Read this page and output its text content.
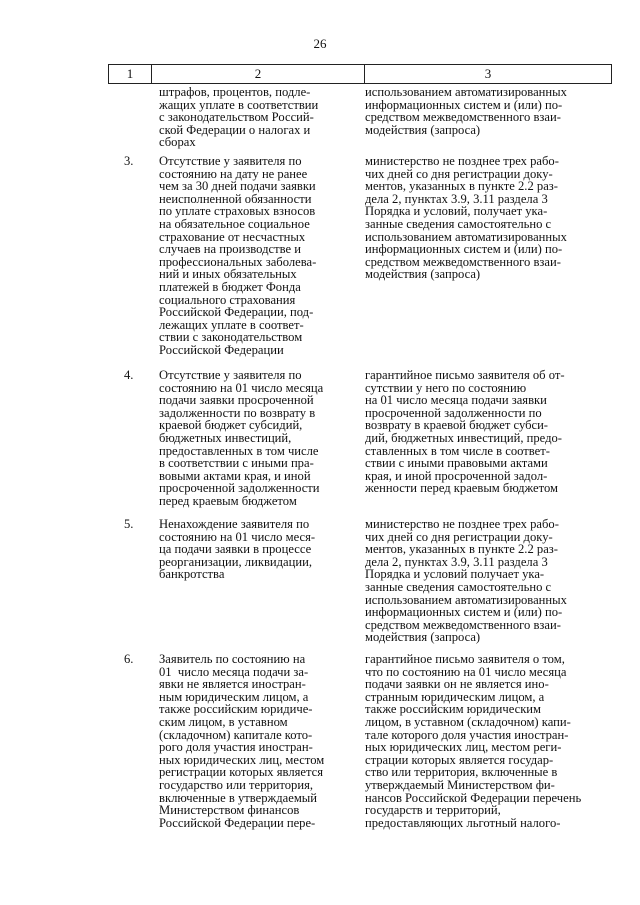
26
1	2	3
штрафов, процентов, подле-
жащих уплате в соответствии
с законодательством Россий-
ской Федерации о налогах и
сборах
использованием автоматизированных
информационных систем и (или) по-
средством межведомственного взаи-
модействия (запроса)
3. Отсутствие у заявителя по
состоянию на дату не ранее
чем за 30 дней подачи заявки
неисполненной обязанности
по уплате страховых взносов
на обязательное социальное
страхование от несчастных
случаев на производстве и
профессиональных заболева-
ний и иных обязательных
платежей в бюджет Фонда
социального страхования
Российской Федерации, под-
лежащих уплате в соответ-
ствии с законодательством
Российской Федерации
министерство не позднее трех рабо-
чих дней со дня регистрации доку-
ментов, указанных в пункте 2.2 раз-
дела 2, пунктах 3.9, 3.11 раздела 3
Порядка и условий, получает ука-
занные сведения самостоятельно с
использованием автоматизированных
информационных систем и (или) по-
средством межведомственного взаи-
модействия (запроса)
4. Отсутствие у заявителя по
состоянию на 01 число месяца
подачи заявки просроченной
задолженности по возврату в
краевой бюджет субсидий,
бюджетных инвестиций,
предоставленных в том числе
в соответствии с иными пра-
вовыми актами края, и иной
просроченной задолженности
перед краевым бюджетом
гарантийное письмо заявителя об от-
сутствии у него по состоянию
на 01 число месяца подачи заявки
просроченной задолженности по
возврату в краевой бюджет субси-
дий, бюджетных инвестиций, предо-
ставленных в том числе в соответ-
ствии с иными правовыми актами
края, и иной просроченной задол-
женности перед краевым бюджетом
5. Ненахождение заявителя по
состоянию на 01 число меся-
ца подачи заявки в процессе
реорганизации, ликвидации,
банкротства
министерство не позднее трех рабо-
чих дней со дня регистрации доку-
ментов, указанных в пункте 2.2 раз-
дела 2, пунктах 3.9, 3.11 раздела 3
Порядка и условий получает ука-
занные сведения самостоятельно с
использованием автоматизированных
информационных систем и (или) по-
средством межведомственного взаи-
модействия (запроса)
6. Заявитель по состоянию на
01  число месяца подачи за-
явки не является иностран-
ным юридическим лицом, а
также российским юридиче-
ским лицом, в уставном
(складочном) капитале кото-
рого доля участия иностран-
ных юридических лиц, местом
регистрации которых является
государство или территория,
включенные в утверждаемый
Министерством финансов
Российской Федерации пере-
гарантийное письмо заявителя о том,
что по состоянию на 01 число месяца
подачи заявки он не является ино-
странным юридическим лицом, а
также российским юридическим
лицом, в уставном (складочном) капи-
тале которого доля участия иностран-
ных юридических лиц, местом реги-
страции которых является государ-
ство или территория, включенные в
утверждаемый Министерством фи-
нансов Российской Федерации перечень
государств и территорий,
предоставляющих льготный налого-
